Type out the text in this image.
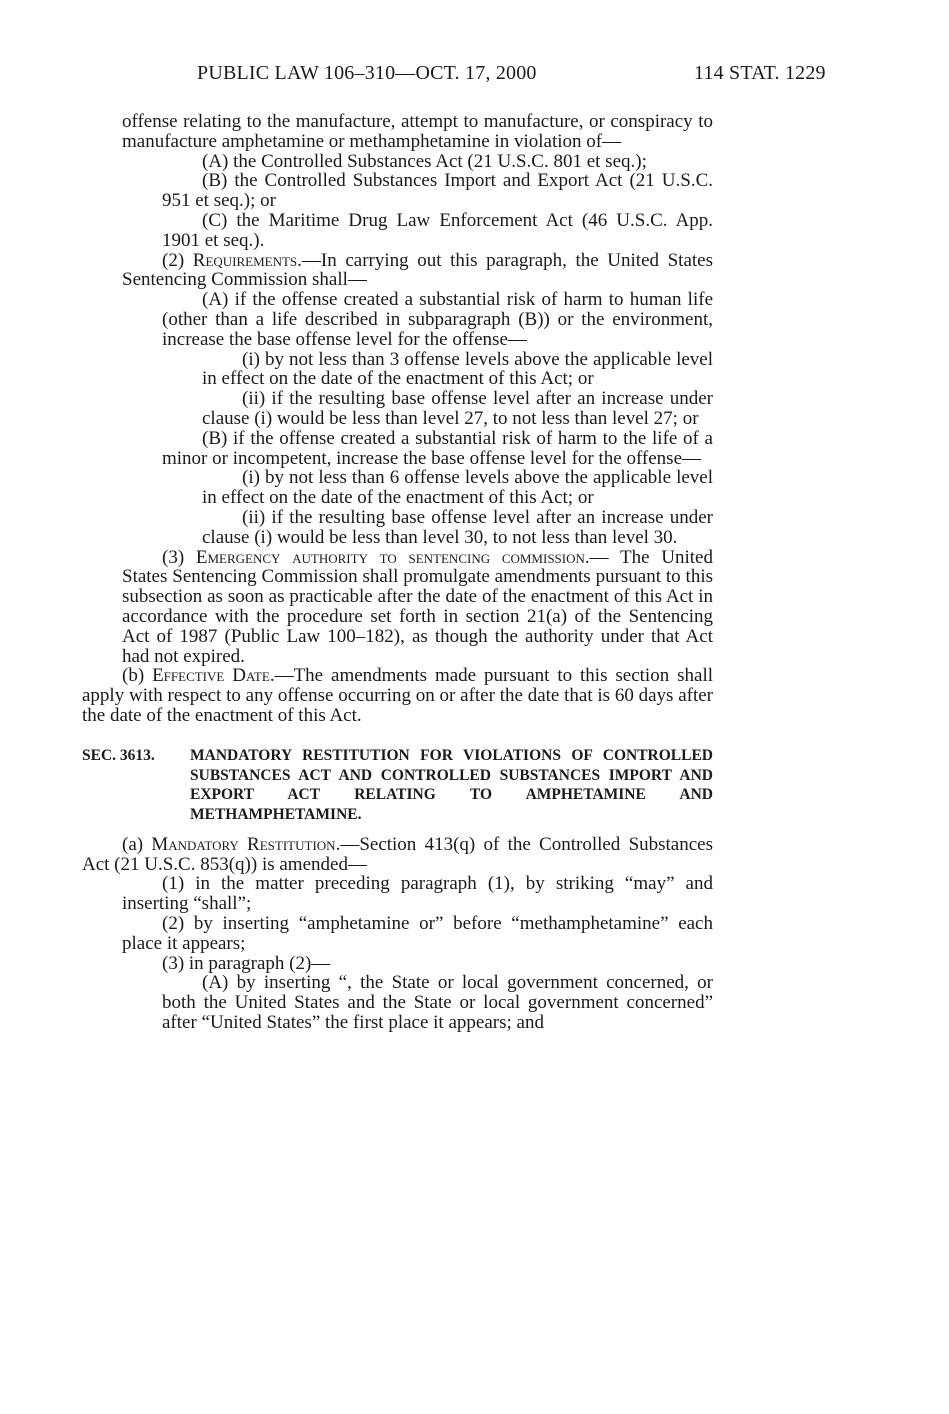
PUBLIC LAW 106–310—OCT. 17, 2000	114 STAT. 1229

offense relating to the manufacture, attempt to manufacture, or conspiracy to manufacture amphetamine or methamphetamine in violation of—

(A) the Controlled Substances Act (21 U.S.C. 801 et seq.);

(B) the Controlled Substances Import and Export Act (21 U.S.C. 951 et seq.); or

(C) the Maritime Drug Law Enforcement Act (46 U.S.C. App. 1901 et seq.).

(2) Requirements.—In carrying out this paragraph, the United States Sentencing Commission shall—

(A) if the offense created a substantial risk of harm to human life (other than a life described in subparagraph (B)) or the environment, increase the base offense level for the offense—

(i) by not less than 3 offense levels above the applicable level in effect on the date of the enactment of this Act; or

(ii) if the resulting base offense level after an increase under clause (i) would be less than level 27, to not less than level 27; or

(B) if the offense created a substantial risk of harm to the life of a minor or incompetent, increase the base offense level for the offense—

(i) by not less than 6 offense levels above the applicable level in effect on the date of the enactment of this Act; or

(ii) if the resulting base offense level after an increase under clause (i) would be less than level 30, to not less than level 30.

(3) Emergency authority to sentencing commission.— The United States Sentencing Commission shall promulgate amendments pursuant to this subsection as soon as practicable after the date of the enactment of this Act in accordance with the procedure set forth in section 21(a) of the Sentencing Act of 1987 (Public Law 100–182), as though the authority under that Act had not expired.

(b) Effective Date.—The amendments made pursuant to this section shall apply with respect to any offense occurring on or after the date that is 60 days after the date of the enactment of this Act.

SEC. 3613.	MANDATORY RESTITUTION FOR VIOLATIONS OF CONTROLLED SUBSTANCES ACT AND CONTROLLED SUBSTANCES IMPORT AND EXPORT ACT RELATING TO AMPHETAMINE AND METHAMPHETAMINE.

(a) Mandatory Restitution.—Section 413(q) of the Controlled Substances Act (21 U.S.C. 853(q)) is amended—

(1) in the matter preceding paragraph (1), by striking “may” and inserting “shall”;

(2) by inserting “amphetamine or” before “methamphetamine” each place it appears;

(3) in paragraph (2)—

(A) by inserting “, the State or local government concerned, or both the United States and the State or local government concerned” after “United States” the first place it appears; and
